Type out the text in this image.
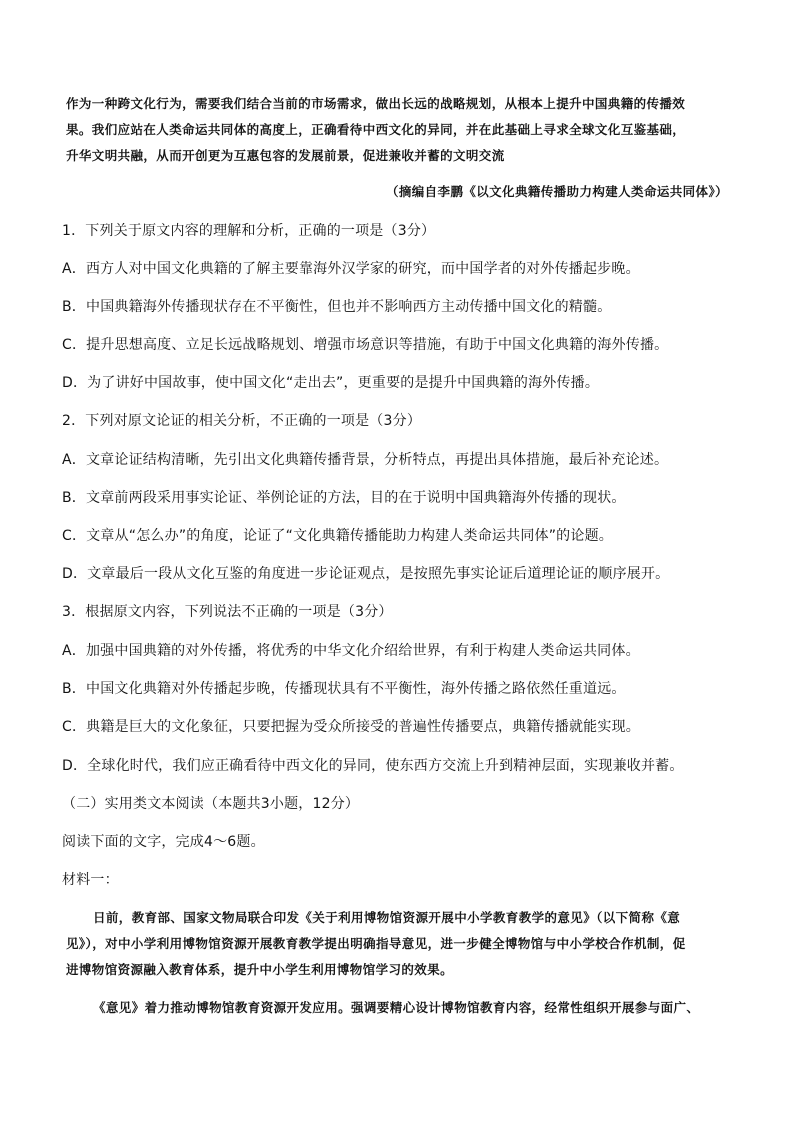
作为一种跨文化行为，需要我们结合当前的市场需求，做出长远的战略规划，从根本上提升中国典籍的传播效
果。我们应站在人类命运共同体的高度上，正确看待中西文化的异同，并在此基础上寻求全球文化互鉴基础，
升华文明共融，从而开创更为互惠包容的发展前景，促进兼收并蓄的文明交流
（摘编自李鹏《以文化典籍传播助力构建人类命运共同体》）
1．下列关于原文内容的理解和分析，正确的一项是（3分）
A．西方人对中国文化典籍的了解主要靠海外汉学家的研究，而中国学者的对外传播起步晚。
B．中国典籍海外传播现状存在不平衡性，但也并不影响西方主动传播中国文化的精髓。
C．提升思想高度、立足长远战略规划、增强市场意识等措施，有助于中国文化典籍的海外传播。
D．为了讲好中国故事，使中国文化“走出去”，更重要的是提升中国典籍的海外传播。
2．下列对原文论证的相关分析，不正确的一项是（3分）
A．文章论证结构清晰，先引出文化典籍传播背景，分析特点，再提出具体措施，最后补充论述。
B．文章前两段采用事实论证、举例论证的方法，目的在于说明中国典籍海外传播的现状。
C．文章从“怎么办”的角度，论证了“文化典籍传播能助力构建人类命运共同体”的论题。
D．文章最后一段从文化互鉴的角度进一步论证观点，是按照先事实论证后道理论证的顺序展开。
3．根据原文内容，下列说法不正确的一项是（3分）
A．加强中国典籍的对外传播，将优秀的中华文化介绍给世界，有利于构建人类命运共同体。
B．中国文化典籍对外传播起步晚，传播现状具有不平衡性，海外传播之路依然任重道远。
C．典籍是巨大的文化象征，只要把握为受众所接受的普遍性传播要点，典籍传播就能实现。
D．全球化时代，我们应正确看待中西文化的异同，使东西方交流上升到精神层面，实现兼收并蓄。
（二）实用类文本阅读（本题共3小题，12分）
阅读下面的文字，完成4～6题。
材料一：
日前，教育部、国家文物局联合印发《关于利用博物馆资源开展中小学教育教学的意见》（以下简称《意
见》），对中小学利用博物馆资源开展教育教学提出明确指导意见，进一步健全博物馆与中小学校合作机制，促
进博物馆资源融入教育体系，提升中小学生利用博物馆学习的效果。
《意见》着力推动博物馆教育资源开发应用。强调要精心设计博物馆教育内容，经常性组织开展参与面广、
